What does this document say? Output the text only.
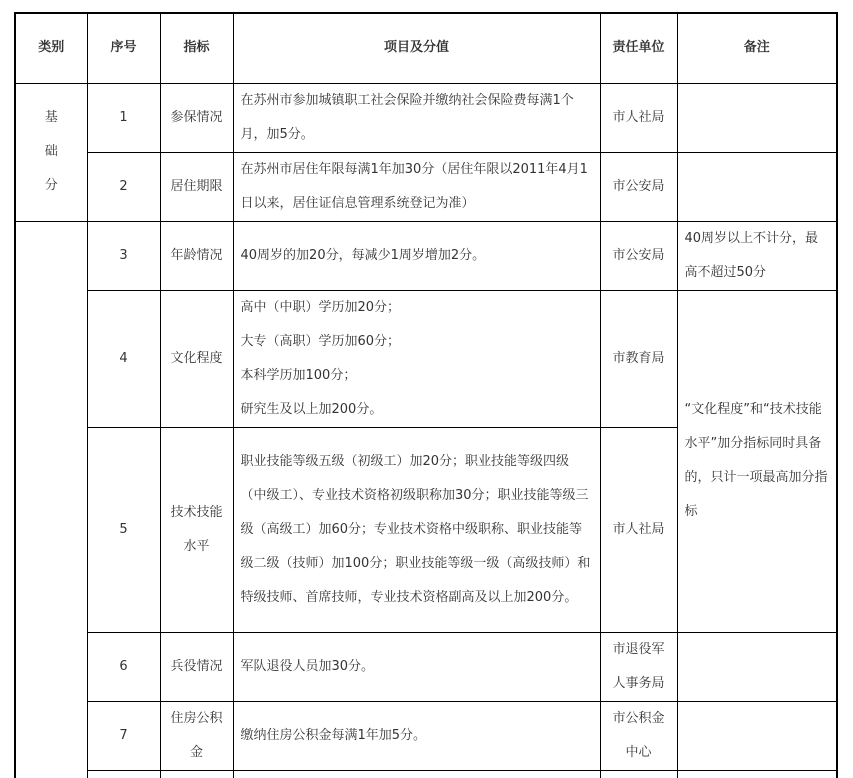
类别	序号	指标	项目及分值	责任单位	备注

基础分	1	参保情况	在苏州市参加城镇职工社会保险并缴纳社会保险费每满1个月，加5分。	市人社局	
	2	居住期限	在苏州市居住年限每满1年加30分（居住年限以2011年4月1日以来，居住证信息管理系统登记为准）	市公安局	
	3	年龄情况	40周岁的加20分，每减少1周岁增加2分。	市公安局	40周岁以上不计分，最高不超过50分
	4	文化程度	高中（中职）学历加20分；
大专（高职）学历加60分；
本科学历加100分；
研究生及以上加200分。	市教育局	“文化程度”和“技术技能水平”加分指标同时具备的，只计一项最高加分指标
	5	技术技能水平	职业技能等级五级（初级工）加20分；职业技能等级四级（中级工）、专业技术资格初级职称加30分；职业技能等级三级（高级工）加60分；专业技术资格中级职称、职业技能等级二级（技师）加100分；职业技能等级一级（高级技师）和特级技师、首席技师，专业技术资格副高及以上加200分。	市人社局	
	6	兵役情况	军队退役人员加30分。	市退役军人事务局	
	7	住房公积金	缴纳住房公积金每满1年加5分。	市公积金中心	
